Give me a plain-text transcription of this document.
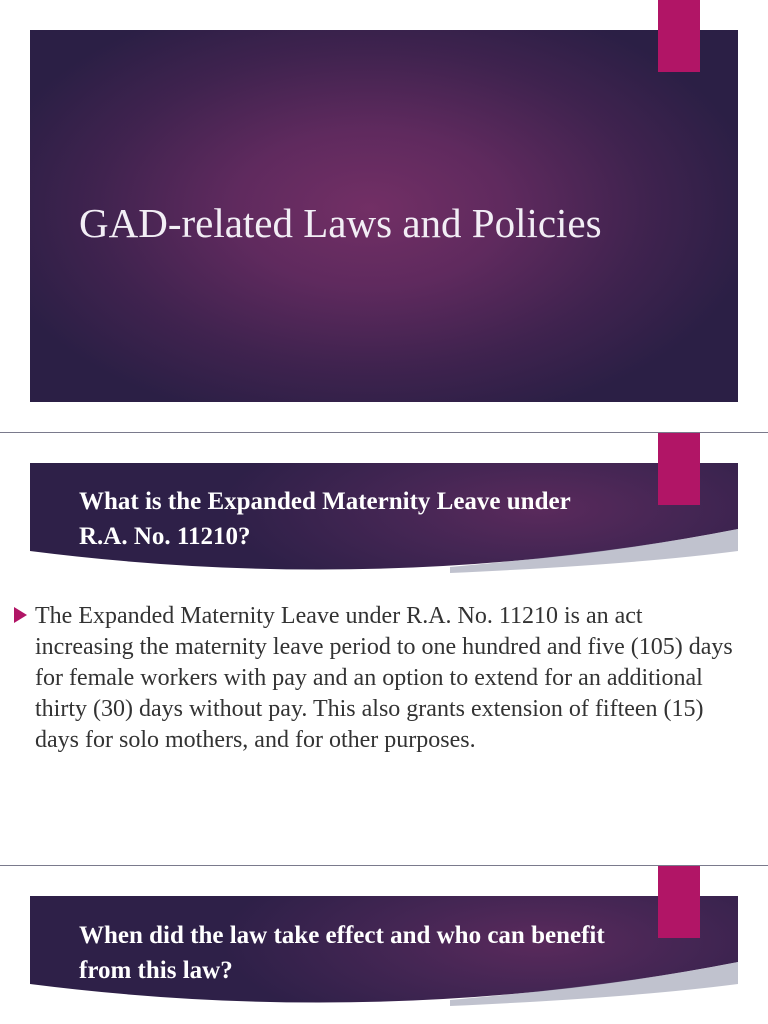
GAD-related Laws and Policies
What is the Expanded Maternity Leave under R.A. No. 11210?

The Expanded Maternity Leave under R.A. No. 11210 is an act increasing the maternity leave period to one hundred and five (105) days for female workers with pay and an option to extend for an additional thirty (30) days without pay. This also grants extension of fifteen (15) days for solo mothers, and for other purposes.

When did the law take effect and who can benefit from this law?
